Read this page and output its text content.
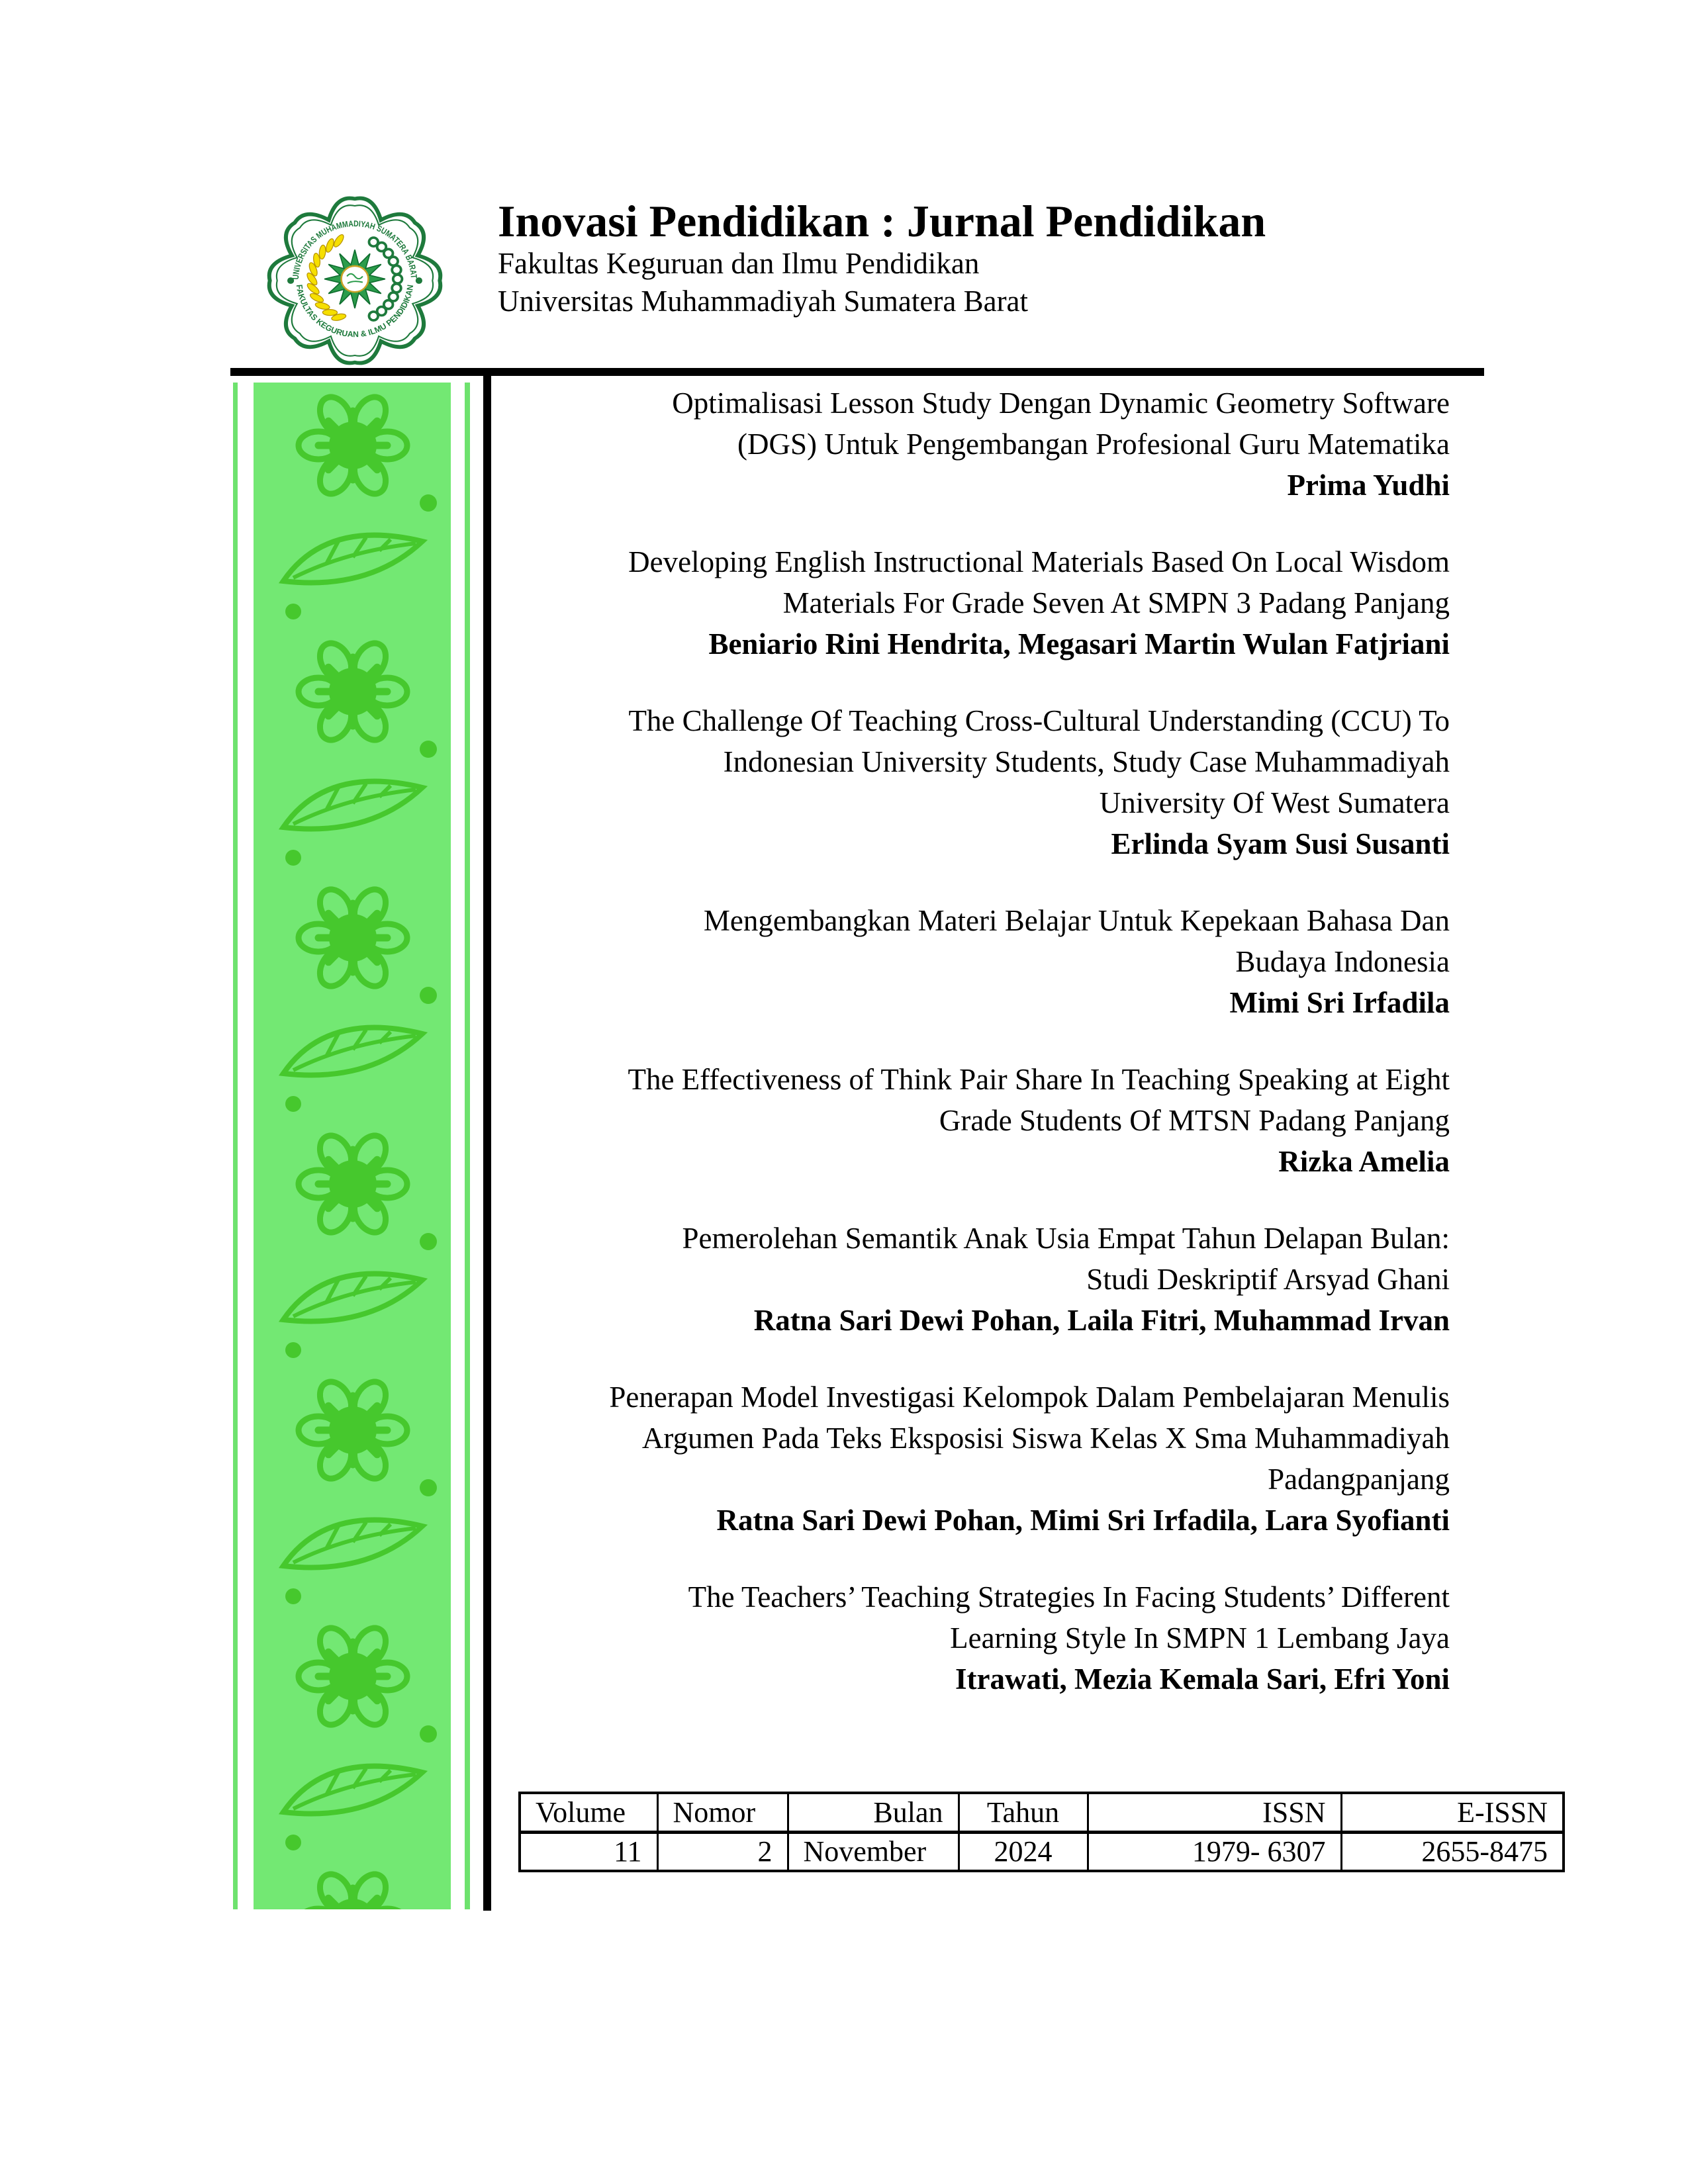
UNIVERSITAS MUHAMMADIYAH SUMATERA BARAT
FAKULTAS KEGURUAN & ILMU PENDIDIKAN
Inovasi Pendidikan : Jurnal Pendidikan
Fakultas Keguruan dan Ilmu Pendidikan
Universitas Muhammadiyah Sumatera Barat
Optimalisasi Lesson Study Dengan Dynamic Geometry Software
(DGS) Untuk Pengembangan Profesional Guru Matematika
Prima Yudhi
Developing English Instructional Materials Based On Local Wisdom
Materials For Grade Seven At SMPN 3 Padang Panjang
Beniario Rini Hendrita, Megasari Martin Wulan Fatjriani
The Challenge Of Teaching Cross-Cultural Understanding (CCU) To
Indonesian University Students, Study Case Muhammadiyah
University Of West Sumatera
Erlinda Syam Susi Susanti
Mengembangkan Materi Belajar Untuk Kepekaan Bahasa Dan
Budaya Indonesia
Mimi Sri Irfadila
The Effectiveness of Think Pair Share In Teaching Speaking at Eight
Grade Students Of MTSN Padang Panjang
Rizka Amelia
Pemerolehan Semantik Anak Usia Empat Tahun Delapan Bulan:
Studi Deskriptif Arsyad Ghani
Ratna Sari Dewi Pohan, Laila Fitri, Muhammad Irvan
Penerapan Model Investigasi Kelompok Dalam Pembelajaran Menulis
Argumen Pada Teks Eksposisi Siswa Kelas X Sma Muhammadiyah
Padangpanjang
Ratna Sari Dewi Pohan, Mimi Sri Irfadila, Lara Syofianti
The Teachers’ Teaching Strategies In Facing Students’ Different
Learning Style In SMPN 1 Lembang Jaya
Itrawati, Mezia Kemala Sari, Efri Yoni
Volume	Nomor	Bulan	Tahun	ISSN	E-ISSN
11	2	November	2024	1979- 6307	2655-8475
